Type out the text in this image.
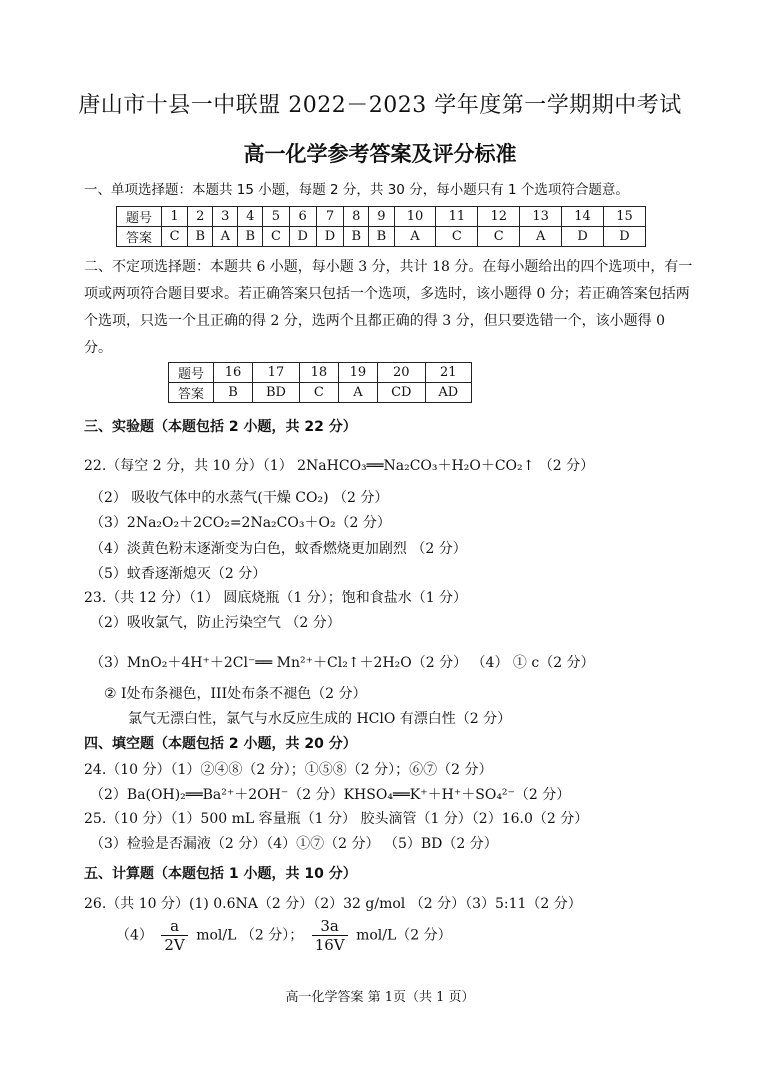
唐山市十县一中联盟 2022－2023 学年度第一学期期中考试
高一化学参考答案及评分标准
一、单项选择题：本题共 15 小题，每题 2 分，共 30 分，每小题只有 1 个选项符合题意。
题号	1	2	3	4	5	6	7	8	9	10	11	12	13	14	15
答案	C	B	A	B	C	D	D	B	B	A	C	C	A	D	D
二、不定项选择题：本题共 6 小题，每小题 3 分，共计 18 分。在每小题给出的四个选项中，有一项或两项符合题目要求。若正确答案只包括一个选项，多选时，该小题得 0 分；若正确答案包括两个选项，只选一个且正确的得 2 分，选两个且都正确的得 3 分，但只要选错一个，该小题得 0 分。
题号	16	17	18	19	20	21
答案	B	BD	C	A	CD	AD
三、实验题（本题包括 2 小题，共 22 分）
22.（每空 2 分，共 10 分）（1） 2NaHCO₃══Na₂CO₃＋H₂O＋CO₂↑ （2 分）
（2） 吸收气体中的水蒸气(干燥 CO₂) （2 分）
（3）2Na₂O₂＋2CO₂=2Na₂CO₃＋O₂（2 分）
（4）淡黄色粉末逐渐变为白色，蚊香燃烧更加剧烈 （2 分）
（5）蚊香逐渐熄灭（2 分）
23.（共 12 分）（1） 圆底烧瓶（1 分）；饱和食盐水（1 分）
（2）吸收氯气，防止污染空气 （2 分）
（3）MnO₂＋4H⁺＋2Cl⁻══ Mn²⁺＋Cl₂↑＋2H₂O（2 分） （4） ① c（2 分）
② I处布条褪色，III处布条不褪色（2 分）
氯气无漂白性，氯气与水反应生成的 HClO 有漂白性（2 分）
四、填空题（本题包括 2 小题，共 20 分）
24.（10 分）（1）②④⑧（2 分）；①⑤⑧（2 分）；⑥⑦（2 分）
（2）Ba(OH)₂══Ba²⁺＋2OH⁻（2 分）KHSO₄══K⁺＋H⁺＋SO₄²⁻（2 分）
25.（10 分）（1）500 mL 容量瓶（1 分） 胶头滴管（1 分）（2）16.0（2 分）
（3）检验是否漏液（2 分）（4）①⑦（2 分） （5）BD（2 分）
五、计算题（本题包括 1 小题，共 10 分）
26.（共 10 分）(1) 0.6NA（2 分）（2）32 g/mol （2 分）（3）5:11（2 分）
$(4) \frac{a}{2V} mol/L$ （2 分）； $\frac{3a}{16V} mol/L(2$ 分）
高一化学答案 第 1页（共 1 页）
